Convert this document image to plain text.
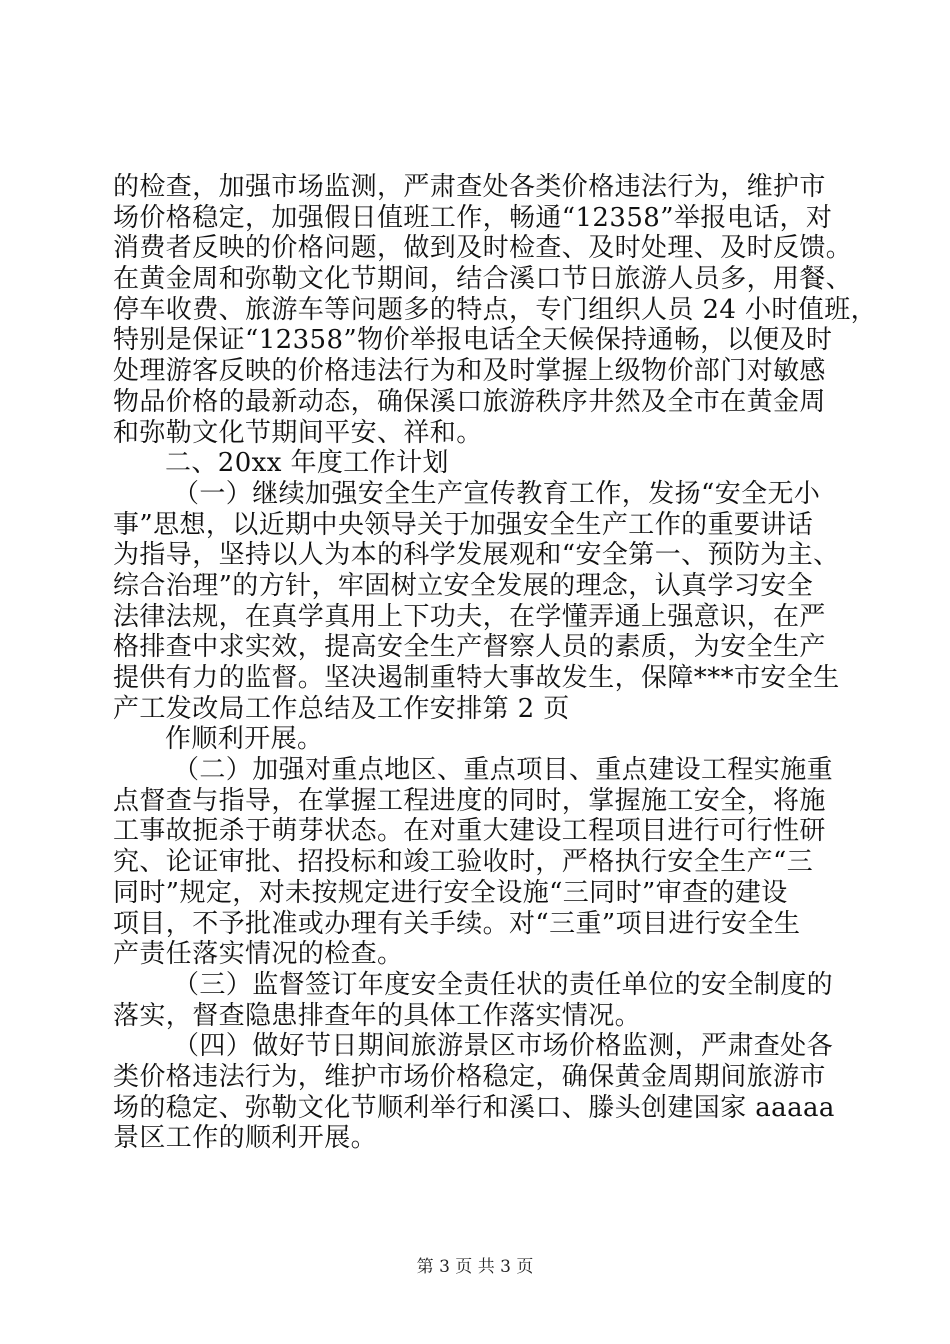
的检查，加强市场监测，严肃查处各类价格违法行为，维护市
场价格稳定，加强假日值班工作，畅通“12358”举报电话，对
消费者反映的价格问题，做到及时检查、及时处理、及时反馈。
在黄金周和弥勒文化节期间，结合溪口节日旅游人员多，用餐、
停车收费、旅游车等问题多的特点，专门组织人员 24 小时值班，
特别是保证“12358”物价举报电话全天候保持通畅，以便及时
处理游客反映的价格违法行为和及时掌握上级物价部门对敏感
物品价格的最新动态，确保溪口旅游秩序井然及全市在黄金周
和弥勒文化节期间平安、祥和。
二、20xx 年度工作计划
（一）继续加强安全生产宣传教育工作，发扬“安全无小
事”思想，以近期中央领导关于加强安全生产工作的重要讲话
为指导，坚持以人为本的科学发展观和“安全第一、预防为主、
综合治理”的方针，牢固树立安全发展的理念，认真学习安全
法律法规，在真学真用上下功夫，在学懂弄通上强意识，在严
格排查中求实效，提高安全生产督察人员的素质，为安全生产
提供有力的监督。坚决遏制重特大事故发生，保障***市安全生
产工发改局工作总结及工作安排第 2 页
作顺利开展。
（二）加强对重点地区、重点项目、重点建设工程实施重
点督查与指导，在掌握工程进度的同时，掌握施工安全，将施
工事故扼杀于萌芽状态。在对重大建设工程项目进行可行性研
究、论证审批、招投标和竣工验收时，严格执行安全生产“三
同时”规定，对未按规定进行安全设施“三同时”审查的建设
项目，不予批准或办理有关手续。对“三重”项目进行安全生
产责任落实情况的检查。
（三）监督签订年度安全责任状的责任单位的安全制度的
落实，督查隐患排查年的具体工作落实情况。
（四）做好节日期间旅游景区市场价格监测，严肃查处各
类价格违法行为，维护市场价格稳定，确保黄金周期间旅游市
场的稳定、弥勒文化节顺利举行和溪口、滕头创建国家 aaaaa
景区工作的顺利开展。
第 3 页 共 3 页
